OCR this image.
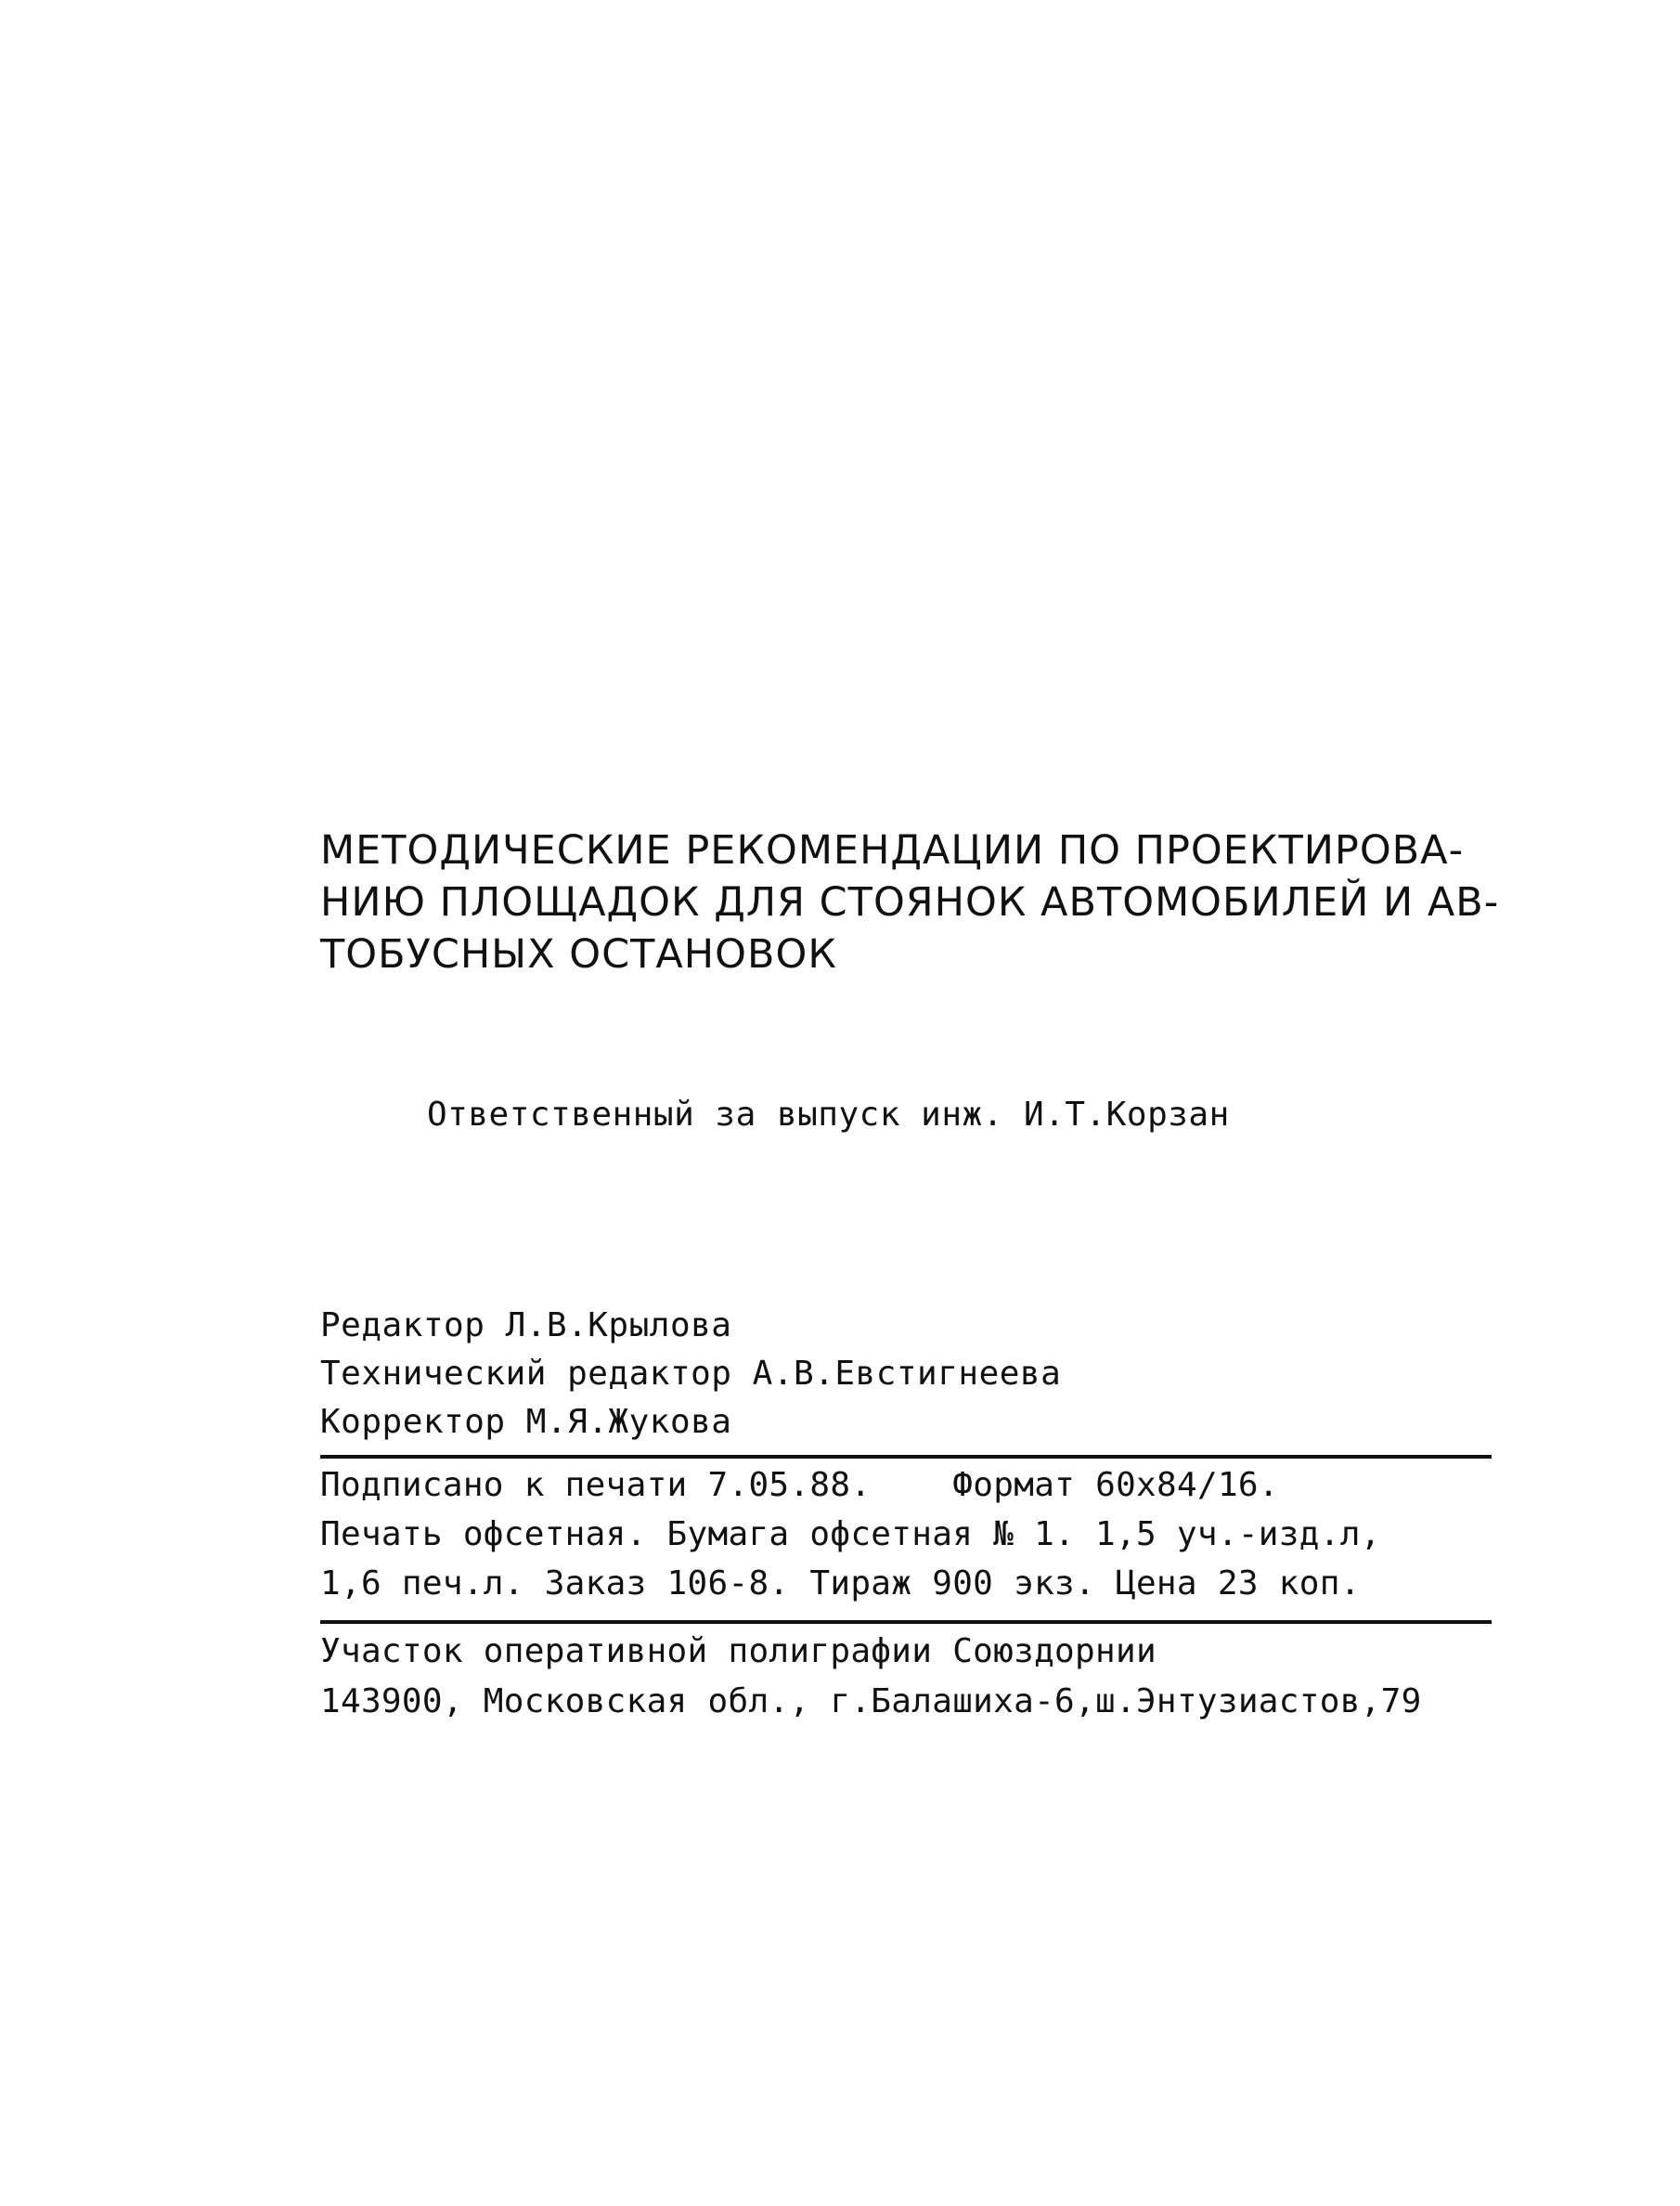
МЕТОДИЧЕСКИЕ РЕКОМЕНДАЦИИ ПО ПРОЕКТИРОВА-
НИЮ ПЛОЩАДОК ДЛЯ СТОЯНОК АВТОМОБИЛЕЙ И АВ-
ТОБУСНЫХ ОСТАНОВОК
Ответственный за выпуск инж. И.Т.Корзан
Редактор Л.В.Крылова
Технический редактор А.В.Евстигнеева
Корректор М.Я.Жукова
Подписано к печати 7.05.88. Формат 60х84/16.
Печать офсетная. Бумага офсетная № 1. 1,5 уч.-изд.л,
1,6 печ.л. Заказ 106-8. Тираж 900 экз. Цена 23 коп.
Участок оперативной полиграфии Союздорнии
143900, Московская обл., г.Балашиха-6,ш.Энтузиастов,79
